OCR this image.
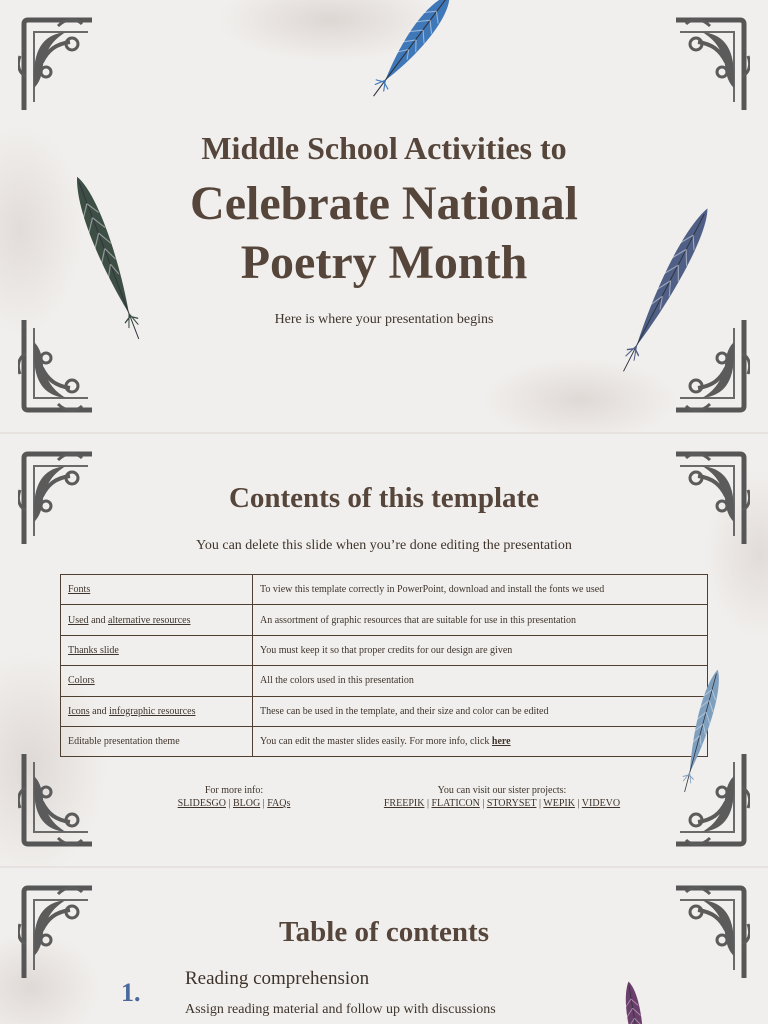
Middle School Activities to
Celebrate National
Poetry Month
Here is where your presentation begins
Contents of this template
You can delete this slide when you’re done editing the presentation
Fonts	To view this template correctly in PowerPoint, download and install the fonts we used
Used and alternative resources	An assortment of graphic resources that are suitable for use in this presentation
Thanks slide	You must keep it so that proper credits for our design are given
Colors	All the colors used in this presentation
Icons and infographic resources	These can be used in the template, and their size and color can be edited
Editable presentation theme	You can edit the master slides easily. For more info, click here
For more info:
SLIDESGO | BLOG | FAQs
You can visit our sister projects:
FREEPIK | FLATICON | STORYSET | WEPIK | VIDEVO
Table of contents
1. Reading comprehension
Assign reading material and follow up with discussions
